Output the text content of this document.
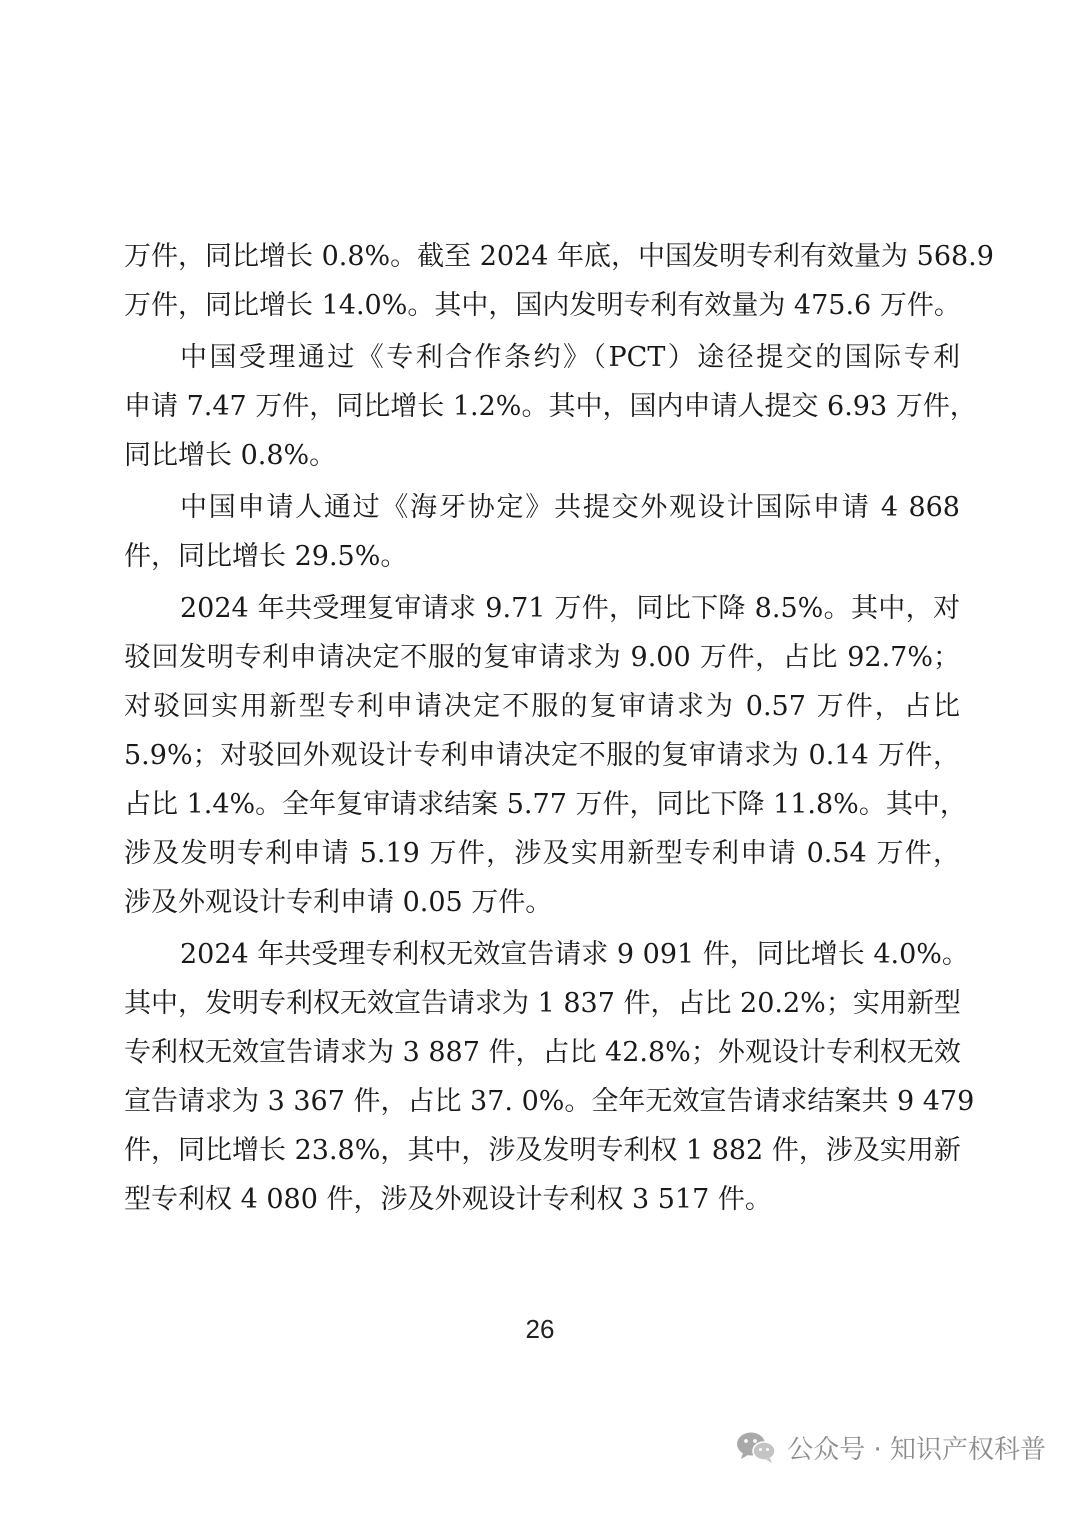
万件，同比增长 0.8%。截至 2024 年底，中国发明专利有效量为 568.9
万件，同比增长 14.0%。其中，国内发明专利有效量为 475.6 万件。
中国受理通过《专利合作条约》（PCT）途径提交的国际专利
申请 7.47 万件，同比增长 1.2%。其中，国内申请人提交 6.93 万件，
同比增长 0.8%。
中国申请人通过《海牙协定》共提交外观设计国际申请 4 868
件，同比增长 29.5%。
2024 年共受理复审请求 9.71 万件，同比下降 8.5%。其中，对
驳回发明专利申请决定不服的复审请求为 9.00 万件，占比 92.7%；
对驳回实用新型专利申请决定不服的复审请求为 0.57 万件，占比
5.9%；对驳回外观设计专利申请决定不服的复审请求为 0.14 万件，
占比 1.4%。全年复审请求结案 5.77 万件，同比下降 11.8%。其中，
涉及发明专利申请 5.19 万件，涉及实用新型专利申请 0.54 万件，
涉及外观设计专利申请 0.05 万件。
2024 年共受理专利权无效宣告请求 9 091 件，同比增长 4.0%。
其中，发明专利权无效宣告请求为 1 837 件，占比 20.2%；实用新型
专利权无效宣告请求为 3 887 件，占比 42.8%；外观设计专利权无效
宣告请求为 3 367 件，占比 37. 0%。全年无效宣告请求结案共 9 479
件，同比增长 23.8%，其中，涉及发明专利权 1 882 件，涉及实用新
型专利权 4 080 件，涉及外观设计专利权 3 517 件。
26
公众号 · 知识产权科普
